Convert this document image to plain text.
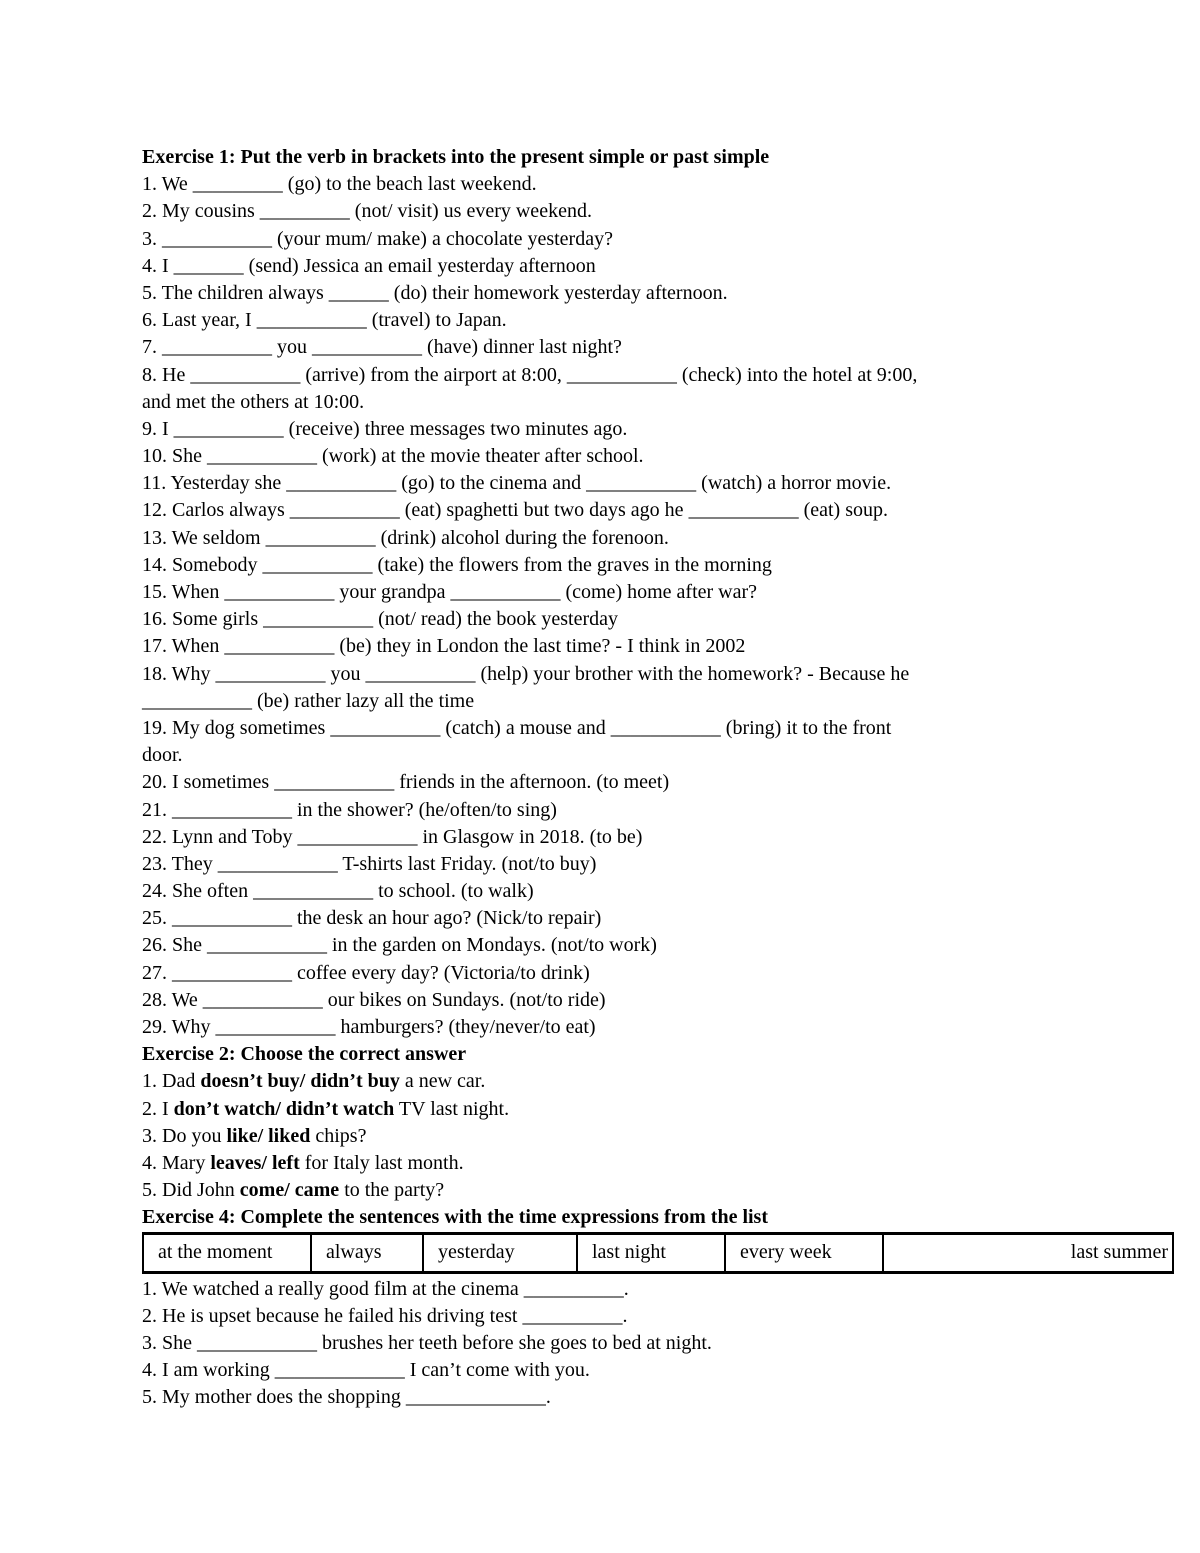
Exercise 1: Put the verb in brackets into the present simple or past simple
1. We _________ (go) to the beach last weekend.
2. My cousins _________ (not/ visit) us every weekend.
3. ___________ (your mum/ make) a chocolate yesterday?
4. I _______ (send) Jessica an email yesterday afternoon
5. The children always ______ (do) their homework yesterday afternoon.
6. Last year, I ___________ (travel) to Japan.
7. ___________ you ___________ (have) dinner last night?
8. He ___________ (arrive) from the airport at 8:00, ___________ (check) into the hotel at 9:00,
and met the others at 10:00.
9. I ___________ (receive) three messages two minutes ago.
10. She ___________ (work) at the movie theater after school.
11. Yesterday she ___________ (go) to the cinema and ___________ (watch) a horror movie.
12. Carlos always ___________ (eat) spaghetti but two days ago he ___________ (eat) soup.
13. We seldom ___________ (drink) alcohol during the forenoon.
14. Somebody ___________ (take) the flowers from the graves in the morning
15. When ___________ your grandpa ___________ (come) home after war?
16. Some girls ___________ (not/ read) the book yesterday
17. When ___________ (be) they in London the last time? - I think in 2002
18. Why ___________ you ___________ (help) your brother with the homework? - Because he
___________ (be) rather lazy all the time
19. My dog sometimes ___________ (catch) a mouse and ___________ (bring) it to the front
door.
20. I sometimes ____________ friends in the afternoon. (to meet)
21. ____________ in the shower? (he/often/to sing)
22. Lynn and Toby ____________ in Glasgow in 2018. (to be)
23. They ____________ T-shirts last Friday. (not/to buy)
24. She often ____________ to school. (to walk)
25. ____________ the desk an hour ago? (Nick/to repair)
26. She ____________ in the garden on Mondays. (not/to work)
27. ____________ coffee every day? (Victoria/to drink)
28. We ____________ our bikes on Sundays. (not/to ride)
29. Why ____________ hamburgers? (they/never/to eat)
Exercise 2: Choose the correct answer
1. Dad doesn’t buy/ didn’t buy a new car.
2. I don’t watch/ didn’t watch TV last night.
3. Do you like/ liked chips?
4. Mary leaves/ left for Italy last month.
5. Did John come/ came to the party?
Exercise 4: Complete the sentences with the time expressions from the list
at the moment	always	yesterday	last night	every week	last summer
1. We watched a really good film at the cinema __________.
2. He is upset because he failed his driving test __________.
3. She ____________ brushes her teeth before she goes to bed at night.
4. I am working _____________ I can’t come with you.
5. My mother does the shopping ______________.
